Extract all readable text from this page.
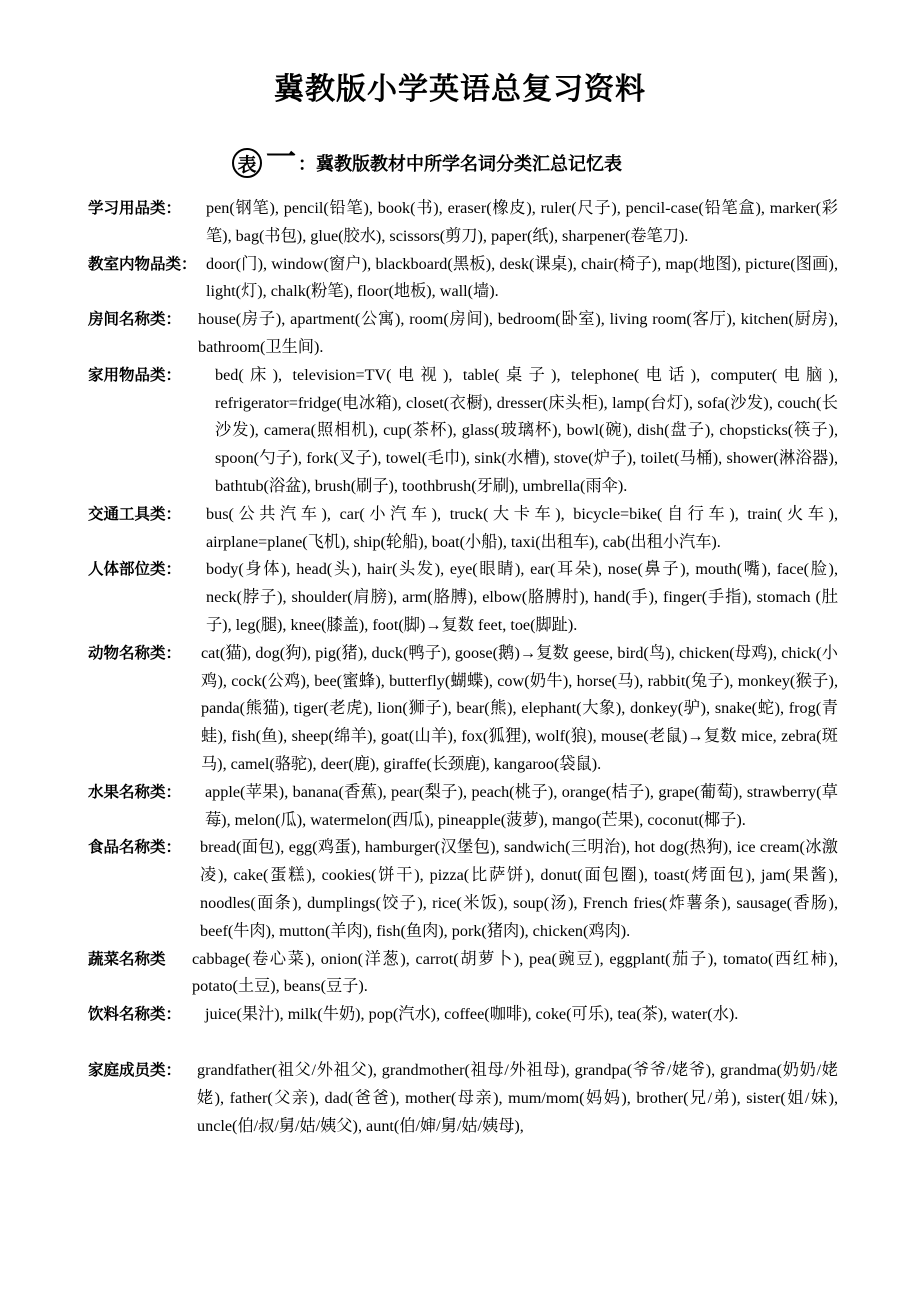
冀教版小学英语总复习资料
表 一 ：冀教版教材中所学名词分类汇总记忆表
学习用品类： pen(钢笔), pencil(铅笔), book(书), eraser(橡皮), ruler(尺子), pencil-case(铅笔盒), marker(彩笔), bag(书包), glue(胶水), scissors(剪刀), paper(纸), sharpener(卷笔刀).
教室内物品类： door(门), window(窗户), blackboard(黑板), desk(课桌), chair(椅子), map(地图), picture(图画), light(灯), chalk(粉笔), floor(地板), wall(墙).
房间名称类： house(房子), apartment(公寓), room(房间), bedroom(卧室), living room(客厅), kitchen(厨房), bathroom(卫生间).
家用物品类： bed(床), television=TV(电视), table(桌子), telephone(电话), computer(电脑), refrigerator=fridge(电冰箱), closet(衣橱), dresser(床头柜), lamp(台灯), sofa(沙发), couch(长沙发), camera(照相机), cup(茶杯), glass(玻璃杯), bowl(碗), dish(盘子), chopsticks(筷子), spoon(勺子), fork(叉子), towel(毛巾), sink(水槽), stove(炉子), toilet(马桶), shower(淋浴器), bathtub(浴盆), brush(刷子), toothbrush(牙刷), umbrella(雨伞).
交通工具类： bus(公共汽车), car(小汽车), truck(大卡车), bicycle=bike(自行车), train(火车), airplane=plane(飞机), ship(轮船), boat(小船), taxi(出租车), cab(出租小汽车).
人体部位类： body(身体), head(头), hair(头发), eye(眼睛), ear(耳朵), nose(鼻子), mouth(嘴), face(脸), neck(脖子), shoulder(肩膀), arm(胳膊), elbow(胳膊肘), hand(手), finger(手指), stomach (肚子), leg(腿), knee(膝盖), foot(脚)→复数 feet, toe(脚趾).
动物名称类： cat(猫), dog(狗), pig(猪), duck(鸭子), goose(鹅)→复数 geese, bird(鸟), chicken(母鸡), chick(小鸡), cock(公鸡), bee(蜜蜂), butterfly(蝴蝶), cow(奶牛), horse(马), rabbit(兔子), monkey(猴子), panda(熊猫), tiger(老虎), lion(狮子), bear(熊), elephant(大象), donkey(驴), snake(蛇), frog(青蛙), fish(鱼), sheep(绵羊), goat(山羊), fox(狐狸), wolf(狼), mouse(老鼠)→复数 mice, zebra(斑马), camel(骆驼), deer(鹿), giraffe(长颈鹿), kangaroo(袋鼠).
水果名称类： apple(苹果), banana(香蕉), pear(梨子), peach(桃子), orange(桔子), grape(葡萄), strawberry(草莓), melon(瓜), watermelon(西瓜), pineapple(菠萝), mango(芒果), coconut(椰子).
食品名称类： bread(面包), egg(鸡蛋), hamburger(汉堡包), sandwich(三明治), hot dog(热狗), ice cream(冰激凌), cake(蛋糕), cookies(饼干), pizza(比萨饼), donut(面包圈), toast(烤面包), jam(果酱), noodles(面条), dumplings(饺子), rice(米饭), soup(汤), French fries(炸薯条), sausage(香肠), beef(牛肉), mutton(羊肉), fish(鱼肉), pork(猪肉), chicken(鸡肉).
蔬菜名称类 cabbage(卷心菜), onion(洋葱), carrot(胡萝卜), pea(豌豆), eggplant(茄子), tomato(西红柿), potato(土豆), beans(豆子).
饮料名称类： juice(果汁), milk(牛奶), pop(汽水), coffee(咖啡), coke(可乐), tea(茶), water(水).
家庭成员类： grandfather(祖父/外祖父), grandmother(祖母/外祖母), grandpa(爷爷/姥爷), grandma(奶奶/姥姥), father(父亲), dad(爸爸), mother(母亲), mum/mom(妈妈), brother(兄/弟), sister(姐/妹), uncle(伯/叔/舅/姑/姨父), aunt(伯/婶/舅/姑/姨母),
